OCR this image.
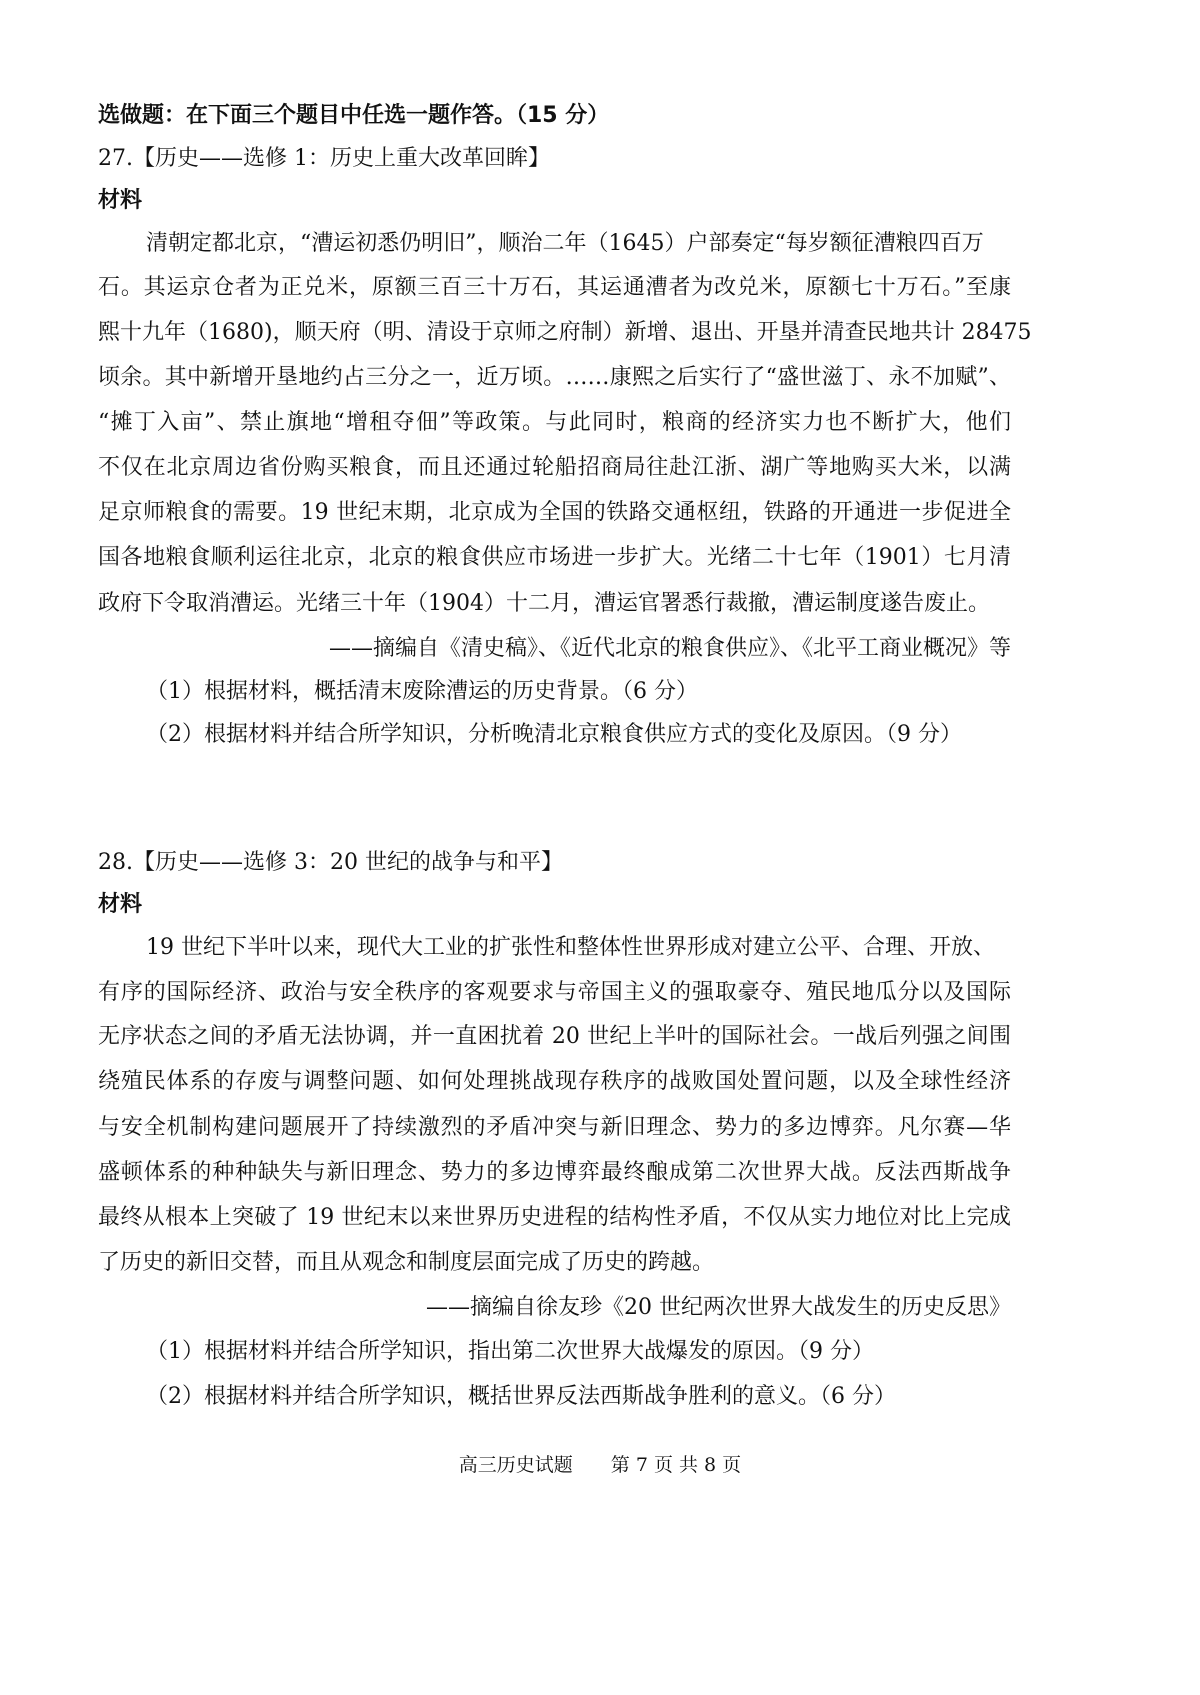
选做题：在下面三个题目中任选一题作答。（15 分）
27.【历史——选修 1：历史上重大改革回眸】
材料
清朝定都北京，“漕运初悉仍明旧”，顺治二年（1645）户部奏定“每岁额征漕粮四百万
石。其运京仓者为正兑米，原额三百三十万石，其运通漕者为改兑米，原额七十万石。”至康
熙十九年（1680)，顺天府（明、清设于京师之府制）新增、退出、开垦并清查民地共计 28475
顷余。其中新增开垦地约占三分之一，近万顷。……康熙之后实行了“盛世滋丁、永不加赋”、
“摊丁入亩”、禁止旗地“增租夺佃”等政策。与此同时，粮商的经济实力也不断扩大，他们
不仅在北京周边省份购买粮食，而且还通过轮船招商局往赴江浙、湖广等地购买大米，以满
足京师粮食的需要。19 世纪末期，北京成为全国的铁路交通枢纽，铁路的开通进一步促进全
国各地粮食顺利运往北京，北京的粮食供应市场进一步扩大。光绪二十七年（1901）七月清
政府下令取消漕运。光绪三十年（1904）十二月，漕运官署悉行裁撤，漕运制度遂告废止。
——摘编自《清史稿》、《近代北京的粮食供应》、《北平工商业概况》等
（1）根据材料，概括清末废除漕运的历史背景。（6 分）
（2）根据材料并结合所学知识，分析晚清北京粮食供应方式的变化及原因。（9 分）
28.【历史——选修 3：20 世纪的战争与和平】
材料
19 世纪下半叶以来，现代大工业的扩张性和整体性世界形成对建立公平、合理、开放、
有序的国际经济、政治与安全秩序的客观要求与帝国主义的强取豪夺、殖民地瓜分以及国际
无序状态之间的矛盾无法协调，并一直困扰着 20 世纪上半叶的国际社会。一战后列强之间围
绕殖民体系的存废与调整问题、如何处理挑战现存秩序的战败国处置问题，以及全球性经济
与安全机制构建问题展开了持续激烈的矛盾冲突与新旧理念、势力的多边博弈。凡尔赛—华
盛顿体系的种种缺失与新旧理念、势力的多边博弈最终酿成第二次世界大战。反法西斯战争
最终从根本上突破了 19 世纪末以来世界历史进程的结构性矛盾，不仅从实力地位对比上完成
了历史的新旧交替，而且从观念和制度层面完成了历史的跨越。
——摘编自徐友珍《20 世纪两次世界大战发生的历史反思》
（1）根据材料并结合所学知识，指出第二次世界大战爆发的原因。（9 分）
（2）根据材料并结合所学知识，概括世界反法西斯战争胜利的意义。（6 分）
高三历史试题　　第 7 页 共 8 页
